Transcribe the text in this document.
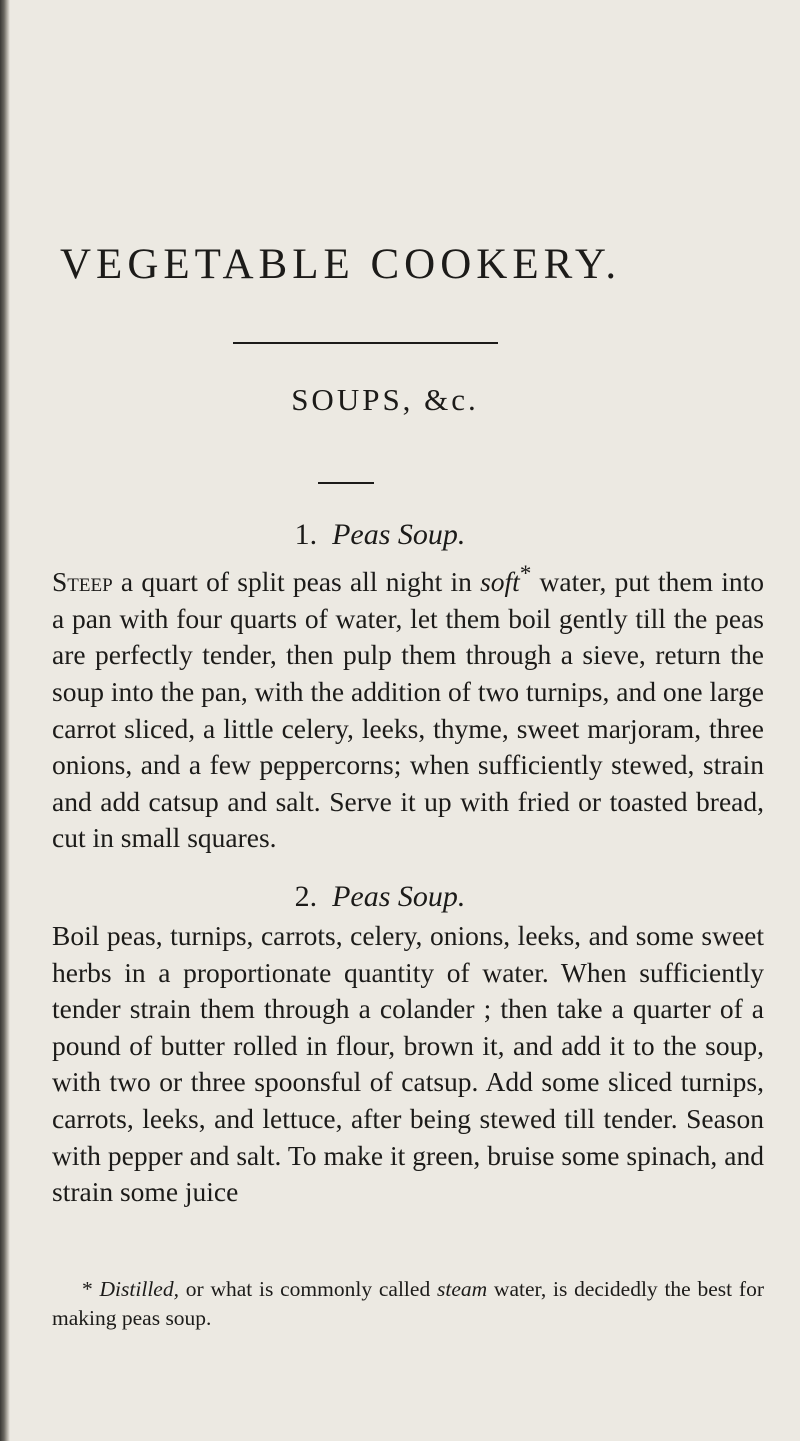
VEGETABLE COOKERY.
SOUPS, &c.
1. Peas Soup.

Steep a quart of split peas all night in soft* water, put them into a pan with four quarts of water, let them boil gently till the peas are perfectly tender, then pulp them through a sieve, return the soup into the pan, with the addition of two turnips, and one large carrot sliced, a little celery, leeks, thyme, sweet marjoram, three onions, and a few peppercorns; when sufficiently stewed, strain and add catsup and salt. Serve it up with fried or toasted bread, cut in small squares.

2. Peas Soup.

Boil peas, turnips, carrots, celery, onions, leeks, and some sweet herbs in a proportionate quantity of water. When sufficiently tender strain them through a colander ; then take a quarter of a pound of butter rolled in flour, brown it, and add it to the soup, with two or three spoonsful of catsup. Add some sliced turnips, carrots, leeks, and lettuce, after being stewed till tender. Season with pepper and salt. To make it green, bruise some spinach, and strain some juice

* Distilled, or what is commonly called steam water, is decidedly the best for making peas soup.
